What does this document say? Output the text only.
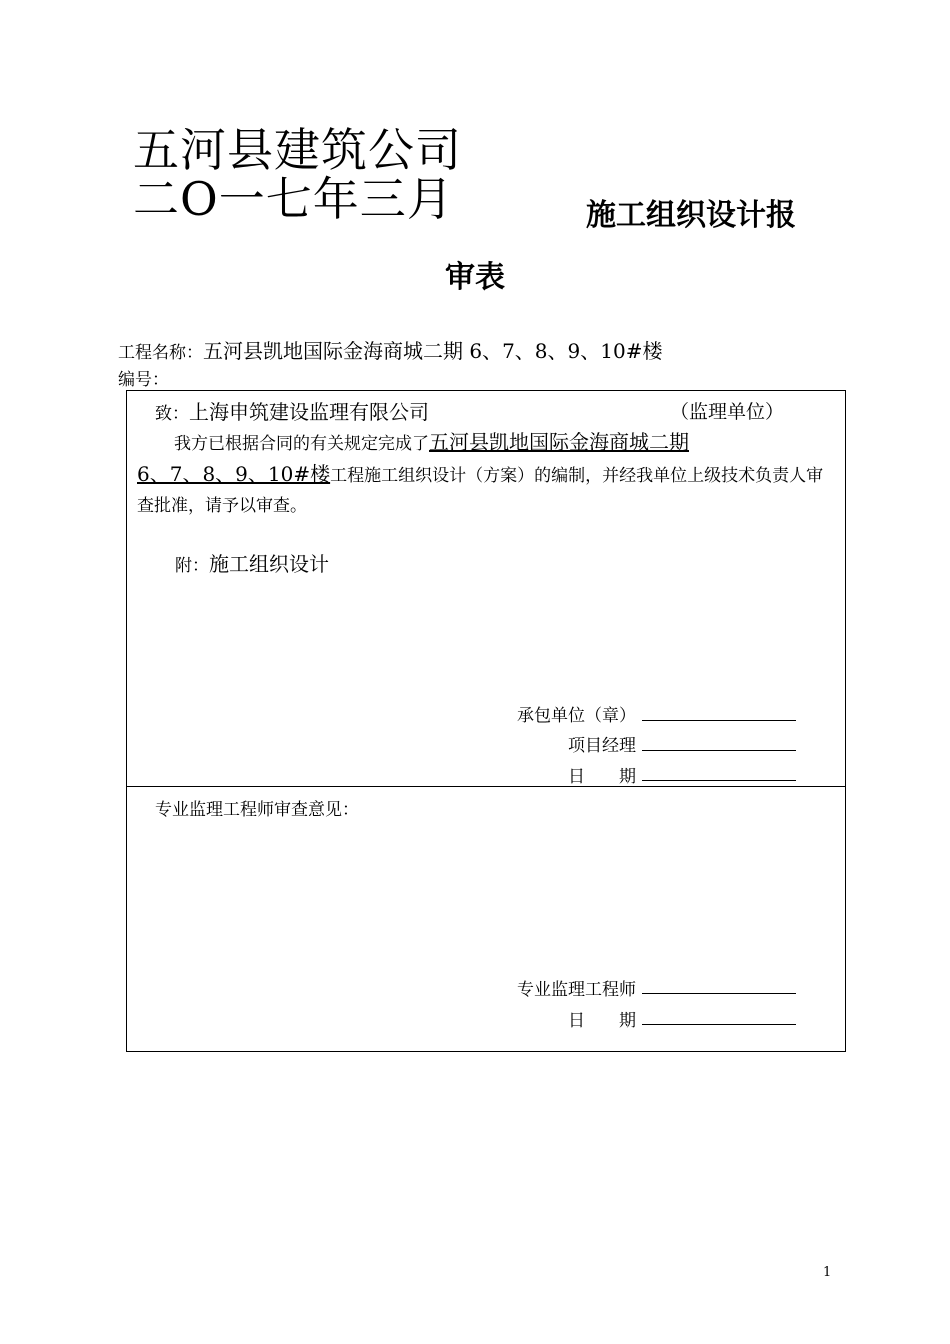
五河县建筑公司
二O一七年三月	施工组织设计报
审表
工程名称：五河县凯地国际金海商城二期 6、7、8、9、10#楼
编号：
致：上海申筑建设监理有限公司	（监理单位）
我方已根据合同的有关规定完成了五河县凯地国际金海商城二期
6、7、8、9、10#楼工程施工组织设计（方案）的编制，并经我单位上级技术负责人审查批准，请予以审查。
附：施工组织设计
承包单位（章）
项目经理
日　　期
专业监理工程师审查意见：
专业监理工程师
日　　期
1
